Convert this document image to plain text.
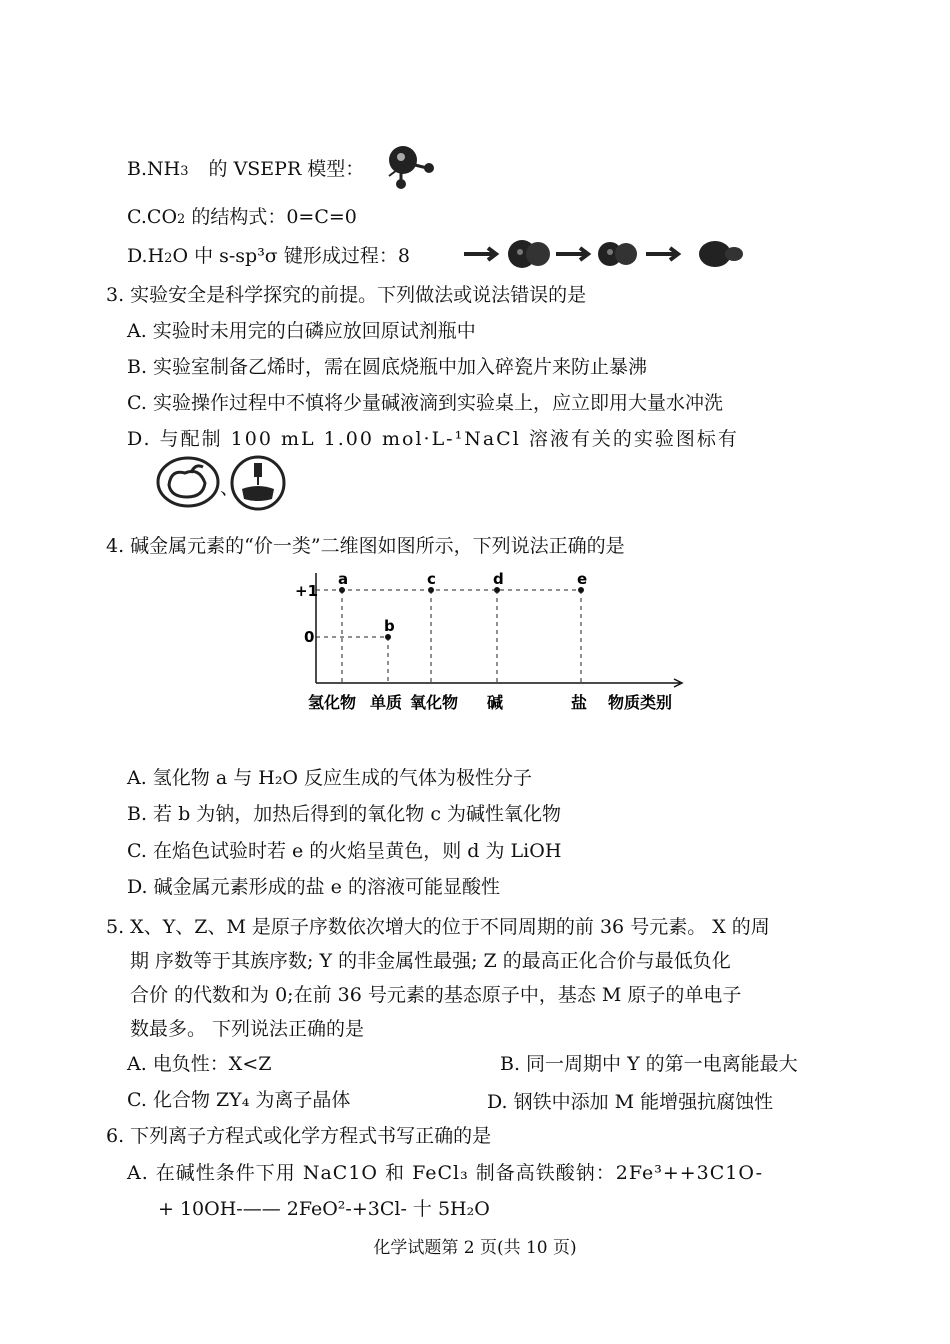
B.NH3 的 VSEPR 模型：
C.CO2 的结构式：0=C=0
D.H2O 中 s-sp³σ 键形成过程：8
3. 实验安全是科学探究的前提。下列做法或说法错误的是
A. 实验时未用完的白磷应放回原试剂瓶中
B. 实验室制备乙烯时，需在圆底烧瓶中加入碎瓷片来防止暴沸
C. 实验操作过程中不慎将少量碱液滴到实验桌上，应立即用大量水冲洗
D. 与配制 100 mL 1.00 mol·L-¹NaCl 溶液有关的实验图标有
、
4. 碱金属元素的“价一类”二维图如图所示，下列说法正确的是
+1
0
氢化物 单质 氧化物 碱	盐 物质类别
a
b
c	d	e
A. 氢化物 a 与 H₂O 反应生成的气体为极性分子
B. 若 b 为钠，加热后得到的氧化物 c 为碱性氧化物
C. 在焰色试验时若 e 的火焰呈黄色，则 d 为 LiOH
D. 碱金属元素形成的盐 e 的溶液可能显酸性
5. X、Y、Z、M 是原子序数依次增大的位于不同周期的前 36 号元素。 X 的周
期 序数等于其族序数; Y 的非金属性最强; Z 的最高正化合价与最低负化
合价 的代数和为 0;在前 36 号元素的基态原子中，基态 M 原子的单电子
数最多。 下列说法正确的是
A. 电负性：X<Z	B. 同一周期中 Y 的第一电离能最大
C. 化合物 ZY₄ 为离子晶体	D. 钢铁中添加 M 能增强抗腐蚀性
6. 下列离子方程式或化学方程式书写正确的是
A. 在碱性条件下用 NaC1O 和 FeCl₃ 制备高铁酸钠：2Fe³++3C1O-
+ 10OH-—— 2FeO²-+3Cl- 十 5H₂O
化学试题第 2 页(共 10 页)
